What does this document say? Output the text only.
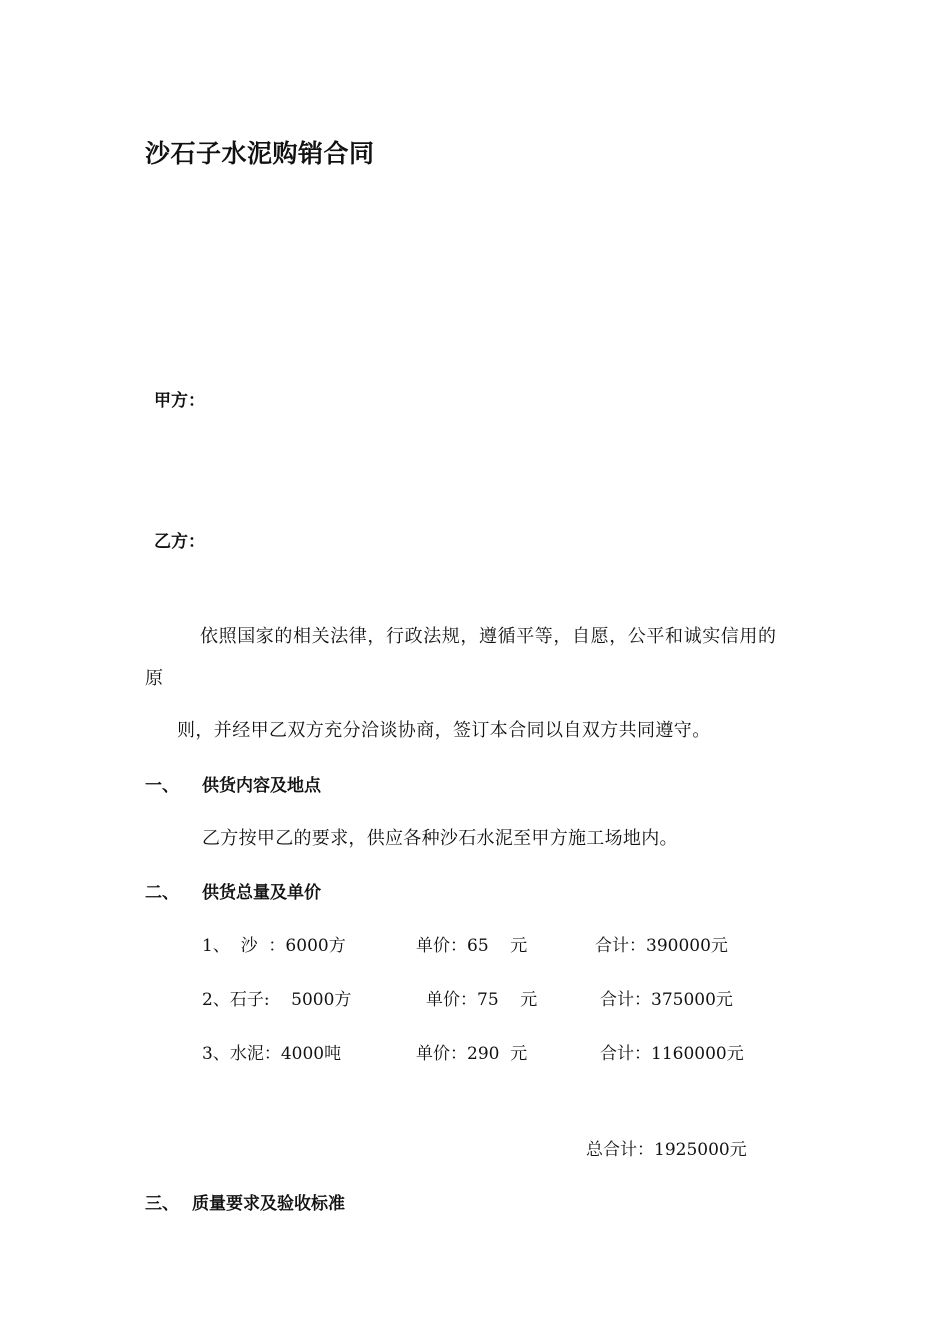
沙石子水泥购销合同
甲方：
乙方：
依照国家的相关法律，行政法规，遵循平等，自愿，公平和诚实信用的
原
则，并经甲乙双方充分洽谈协商，签订本合同以自双方共同遵守。
一、 供货内容及地点
乙方按甲乙的要求，供应各种沙石水泥至甲方施工场地内。
二、 供货总量及单价
1、  沙  ：6000方	单价：65    元	合计：390000元
2、石子:    5000方	单价：75    元	合计：375000元
3、水泥：4000吨	单价：290  元	合计：1160000元
总合计：1925000元
三、 质量要求及验收标准
